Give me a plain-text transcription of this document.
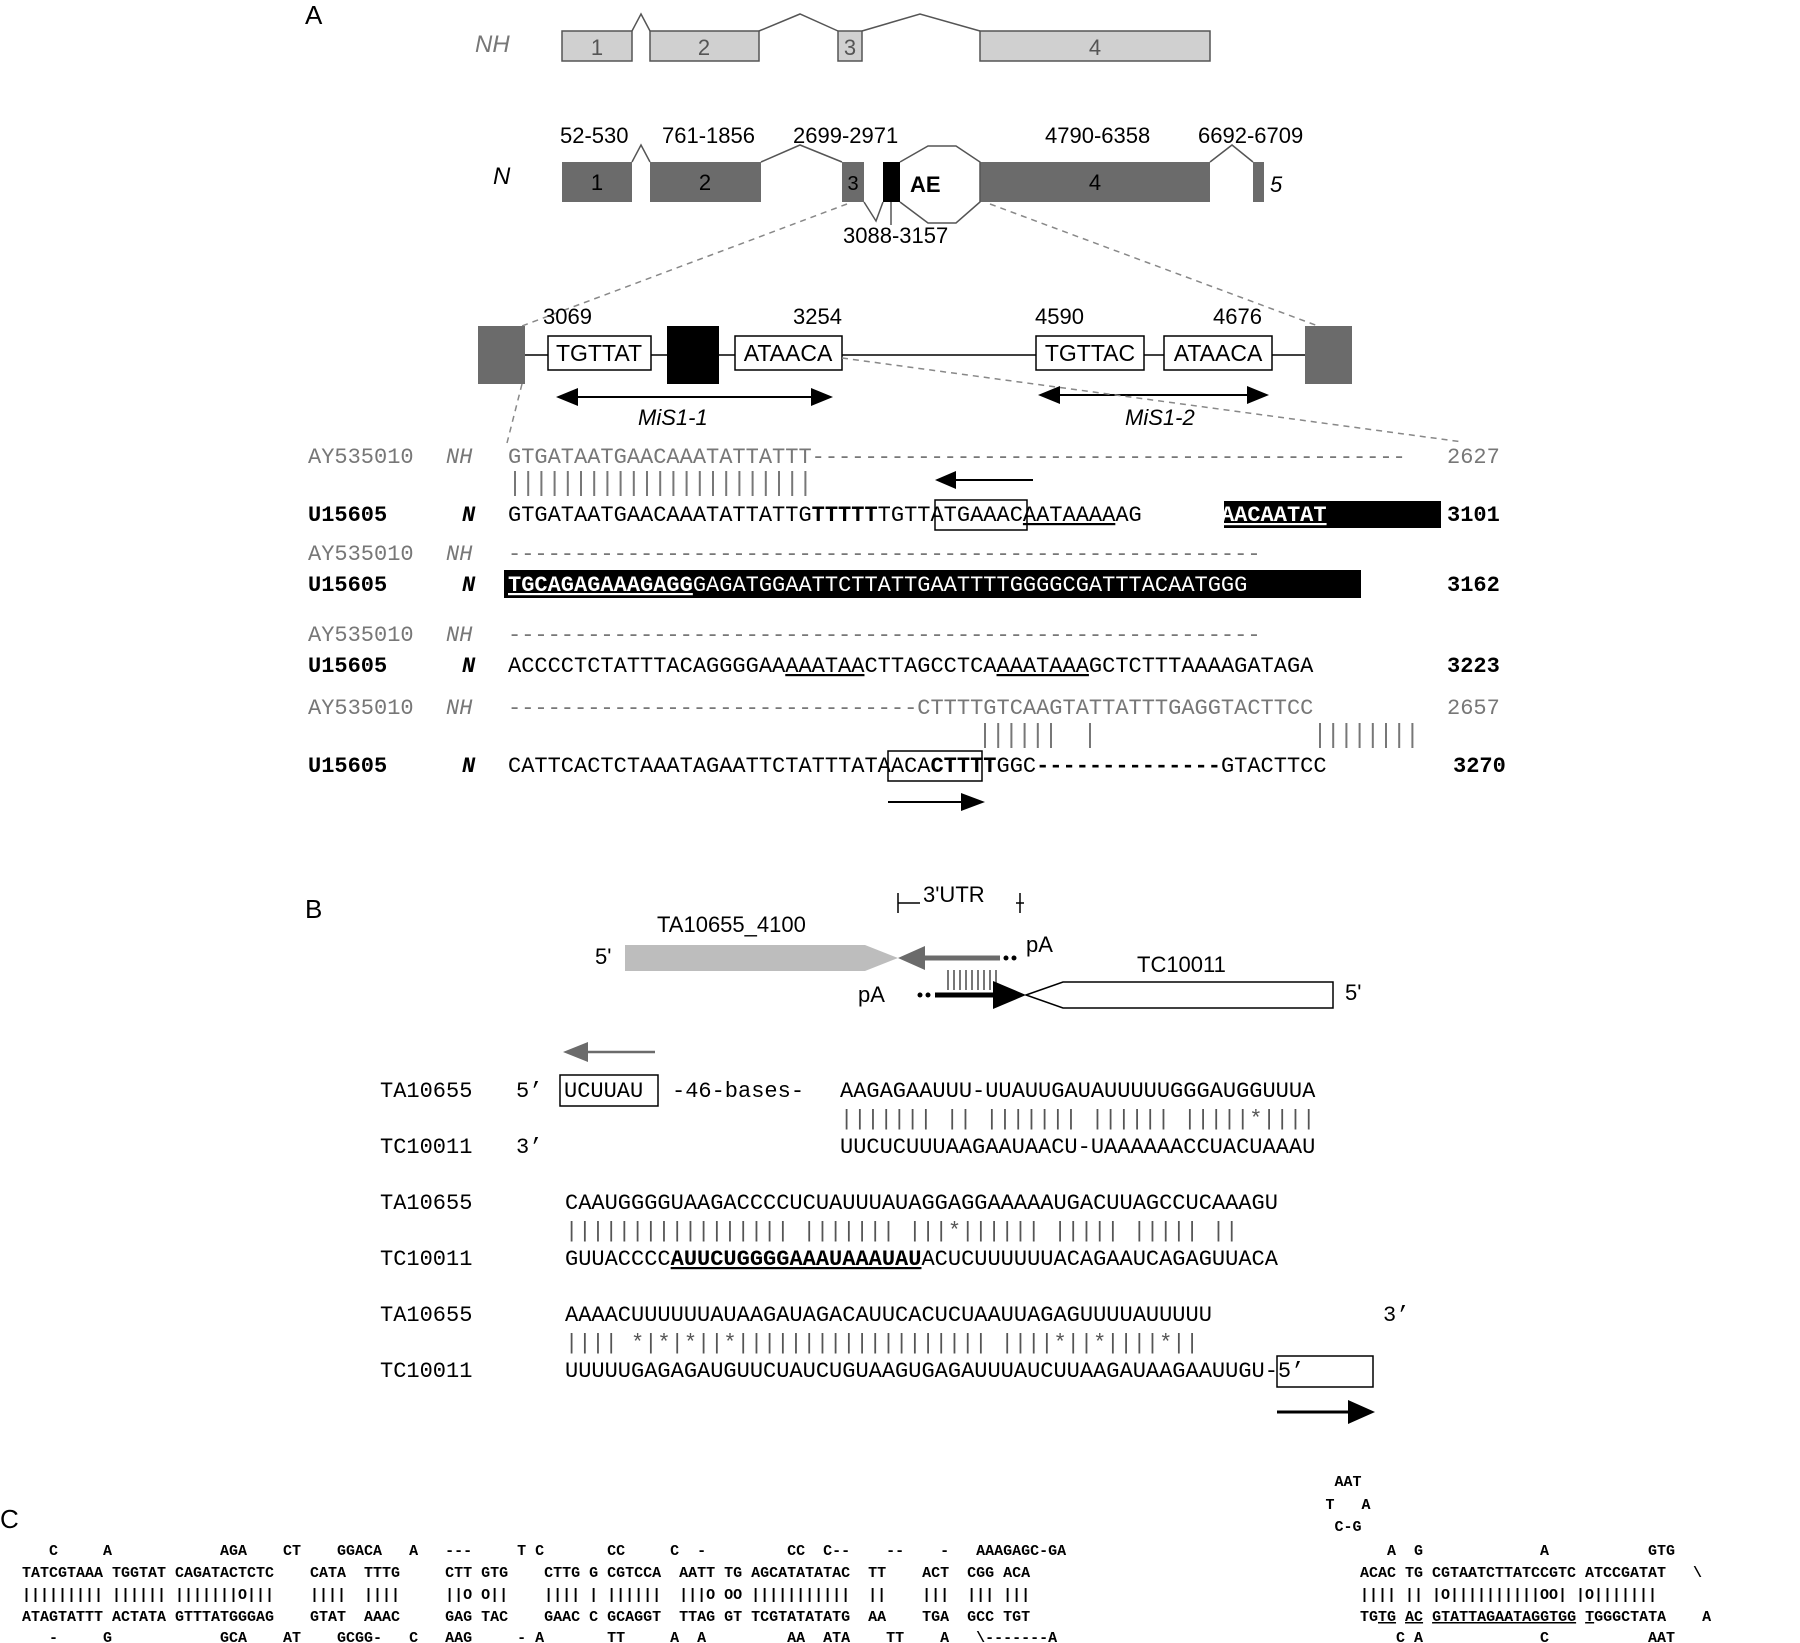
A
NH	1	2	3	4
52-530 761-1856 2699-2971	4790-6358 6692-6709
N	1	2	3	4	5
AE
3088-3157
TGTTAT	ATAACA	TGTTAC ATAACA
3069	3254	4590	4676
MiS1-1	MiS1-2
AY535010 NH GTGATAATGAACAAATATTATTT--------------------------------------------- 2627
U15605	N GTGATAATGAACAAATATTATTGTTTTTTGTTATGAAACAATAAAAAGAAGAAGAACAATAT	3101
AY535010 NH ---------------------------------------------------------
U15605	N TGCAGAGAAAGAGGGAGATGGAATTCTTATTGAATTTTGGGGCGATTTACAATGGGGTAAG	3162
AY535010 NH ---------------------------------------------------------
U15605	N ACCCCTCTATTTACAGGGGAAAAATAACTTAGCCTCAAAATAAAGCTCTTTAAAAGATAGA	3223
AY535010 NH -------------------------------CTTTTGTCAAGTATTATTTGAGGTACTTCC	2657
U15605	N CATTCACTCTAAATAGAATTCTATTTATAACACTTTTGGC--------------GTACTTCC	3270
B	3'UTR
TA10655_4100
5'	pA
TC10011
5'
pA
TA10655 5’ UCUUAU -46-bases- AAGAGAAUUU-UUAUUGAUAUUUUUGGGAUGGUUUA
||||||| || ||||||| |||||| |||||*||||
TC10011 3’	UUCUCUUUAAGAAUAACU-UAAAAAACCUACUAAAU
TA10655	CAAUGGGGUAAGACCCCUCUAUUUAUAGGAGGAAAAAUGACUUAGCCUCAAAGU
||||||||||||||||| ||||||| |||*|||||| ||||| ||||| ||
TC10011	GUUACCCCAUUCUGGGGAAAUAAAUAUACUCUUUUUUACAGAAUCAGAGUUACA
TA10655	AAAACUUUUUUAUAAGAUAGACAUUCACUCUAAUUAGAGUUUUAUUUUU	3’
|||| *|*|*||*||||||||||||||||||| ||||*||*||||*||
TC10011	UUUUUGAGAGAUGUUCUAUCUGUAAGUGAGAUUUAUCUUAAGAUAAGAAUUGU-5’
C
AAT
T   A
C-G
C     A            AGA    CT    GGACA   A   ---     T C       CC     C  -         CC  C--    --    -   AAAGAGC-GA
TATCGTAAA TGGTAT CAGATACTCTC    CATA  TTTG     CTT GTG    CTTG G CGTCCA  AATT TG AGCATATATAC  TT    ACT  CGG ACA
||||||||| |||||| |||||||O|||    ||||  ||||     ||O O||    |||| | ||||||  |||O OO |||||||||||  ||    |||  ||| |||
ATAGTATTT ACTATA GTTTATGGGAG    GTAT  AAAC     GAG TAC    GAAC C GCAGGT  TTAG GT TCGTATATATG  AA    TGA  GCC TGT
-     G            GCA    AT    GCGG-   C   AAG     - A       TT     A  A         AA  ATA    TT    A   \-------A
A  G             A           GTG
ACAC TG CGTAATCTTATCCGTC ATCCGATAT   \
|||| || |O||||||||||OO| |O|||||||
TGTG AC GTATTAGAATAGGTGG TGGGCTATA    A
C A             C           AAT
